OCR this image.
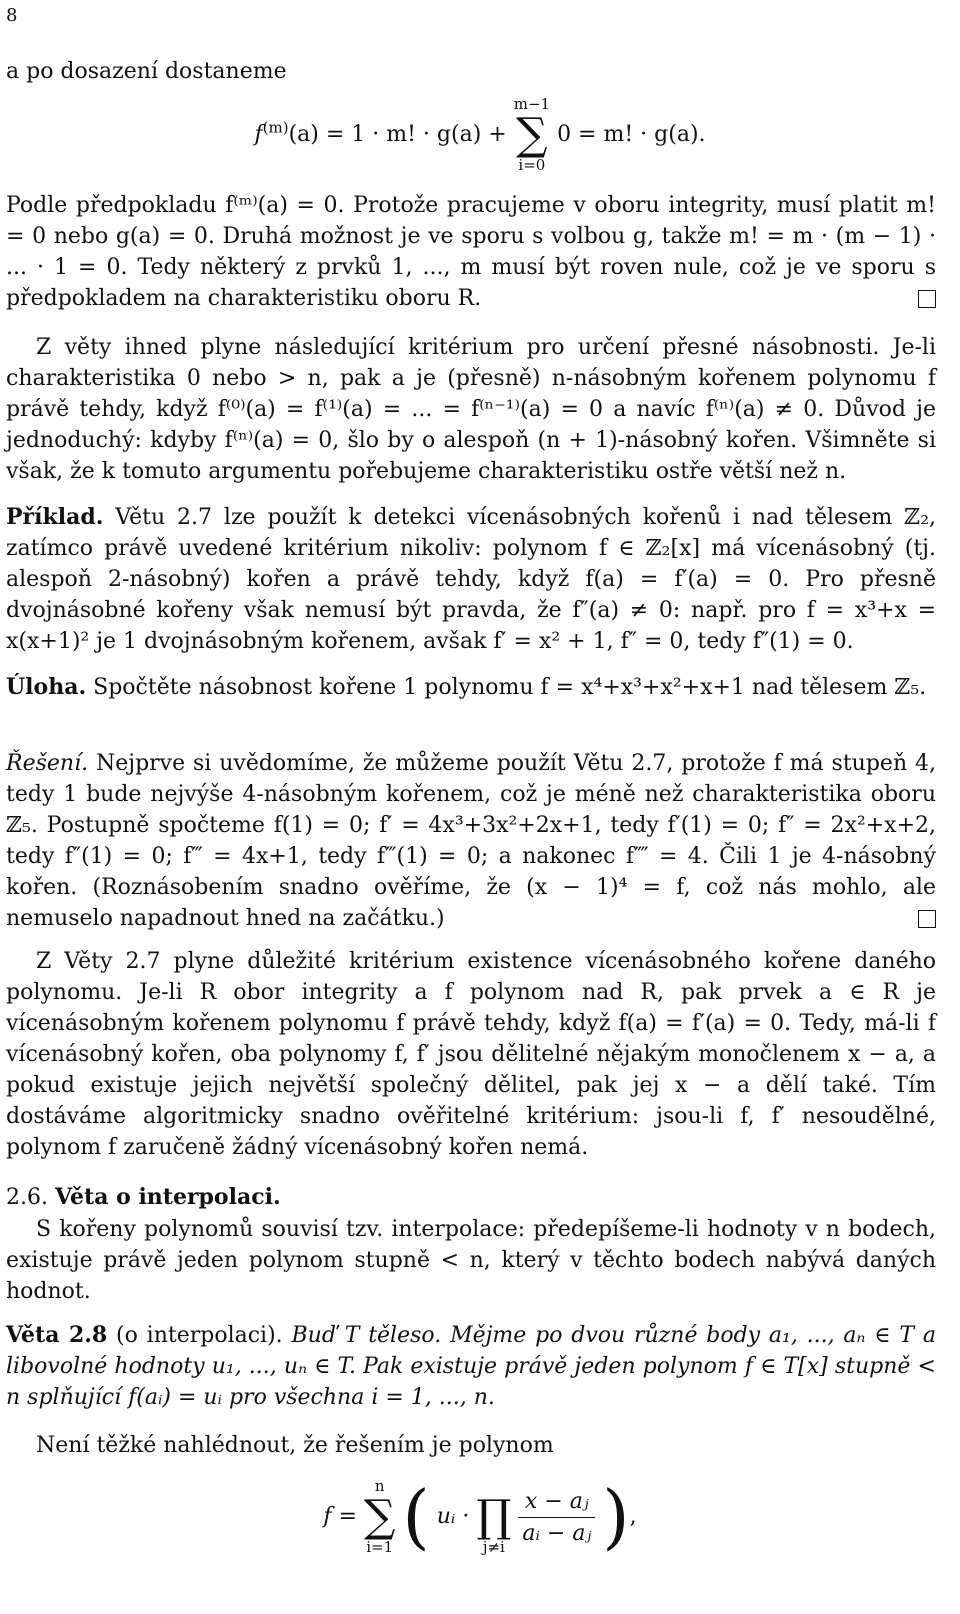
8
a po dosazení dostaneme
$f^{(m)}(a) = 1 \cdot m$! · g(a) + m−1
∑
i=0 0 = m! · g(a).
Podle předpokladu f⁽ᵐ⁾(a) = 0. Protože pracujeme v oboru integrity, musí platit m! = 0 nebo g(a) = 0. Druhá možnost je ve sporu s volbou g, takže m! = m · (m − 1) · ... · 1 = 0. Tedy některý z prvků 1, ..., m musí být roven nule, což je ve sporu s předpokladem na charakteristiku oboru R.
Z věty ihned plyne následující kritérium pro určení přesné násobnosti. Je-li charakteristika 0 nebo > n, pak a je (přesně) n-násobným kořenem polynomu f právě tehdy, když f⁽⁰⁾(a) = f⁽¹⁾(a) = ... = f⁽ⁿ⁻¹⁾(a) = 0 a navíc f⁽ⁿ⁾(a) ≠ 0. Důvod je jednoduchý: kdyby f⁽ⁿ⁾(a) = 0, šlo by o alespoň (n + 1)-násobný kořen. Všimněte si však, že k tomuto argumentu pořebujeme charakteristiku ostře větší než n.
Příklad. Větu 2.7 lze použít k detekci vícenásobných kořenů i nad tělesem ℤ₂, zatímco právě uvedené kritérium nikoliv: polynom f ∈ ℤ₂[x] má vícenásobný (tj. alespoň 2-násobný) kořen a právě tehdy, když f(a) = f′(a) = 0. Pro přesně dvojnásobné kořeny však nemusí být pravda, že f″(a) ≠ 0: např. pro f = x³+x = x(x+1)² je 1 dvojnásobným kořenem, avšak f′ = x² + 1, f″ = 0, tedy f″(1) = 0.
Úloha. Spočtěte násobnost kořene 1 polynomu f = x⁴+x³+x²+x+1 nad tělesem ℤ₅.
Řešení. Nejprve si uvědomíme, že můžeme použít Větu 2.7, protože f má stupeň 4, tedy 1 bude nejvýše 4-násobným kořenem, což je méně než charakteristika oboru ℤ₅. Postupně spočteme f(1) = 0; f′ = 4x³+3x²+2x+1, tedy f′(1) = 0; f″ = 2x²+x+2, tedy f″(1) = 0; f‴ = 4x+1, tedy f‴(1) = 0; a nakonec f⁗ = 4. Čili 1 je 4-násobný kořen. (Roznásobením snadno ověříme, že (x − 1)⁴ = f, což nás mohlo, ale nemuselo napadnout hned na začátku.)
Z Věty 2.7 plyne důležité kritérium existence vícenásobného kořene daného polynomu. Je-li R obor integrity a f polynom nad R, pak prvek a ∈ R je vícenásobným kořenem polynomu f právě tehdy, když f(a) = f′(a) = 0. Tedy, má-li f vícenásobný kořen, oba polynomy f, f′ jsou dělitelné nějakým monočlenem x − a, a pokud existuje jejich největší společný dělitel, pak jej x − a dělí také. Tím dostáváme algoritmicky snadno ověřitelné kritérium: jsou-li f, f′ nesoudělné, polynom f zaručeně žádný vícenásobný kořen nemá.
2.6. Věta o interpolaci.
S kořeny polynomů souvisí tzv. interpolace: předepíšeme-li hodnoty v n bodech, existuje právě jeden polynom stupně < n, který v těchto bodech nabývá daných hodnot.
Věta 2.8 (o interpolaci). Buď T těleso. Mějme po dvou různé body a₁, ..., aₙ ∈ T a libovolné hodnoty u₁, ..., uₙ ∈ T. Pak existuje právě jeden polynom f ∈ T[x] stupně < n splňující f(aᵢ) = uᵢ pro všechna i = 1, ..., n.
Není těžké nahlédnout, že řešením je polynom
f = n
∑
i=1 ( uᵢ · ∏
$j\ne i \frac{\text{x − aⱼ}}{\text{aᵢ − aⱼ}}$ ),
